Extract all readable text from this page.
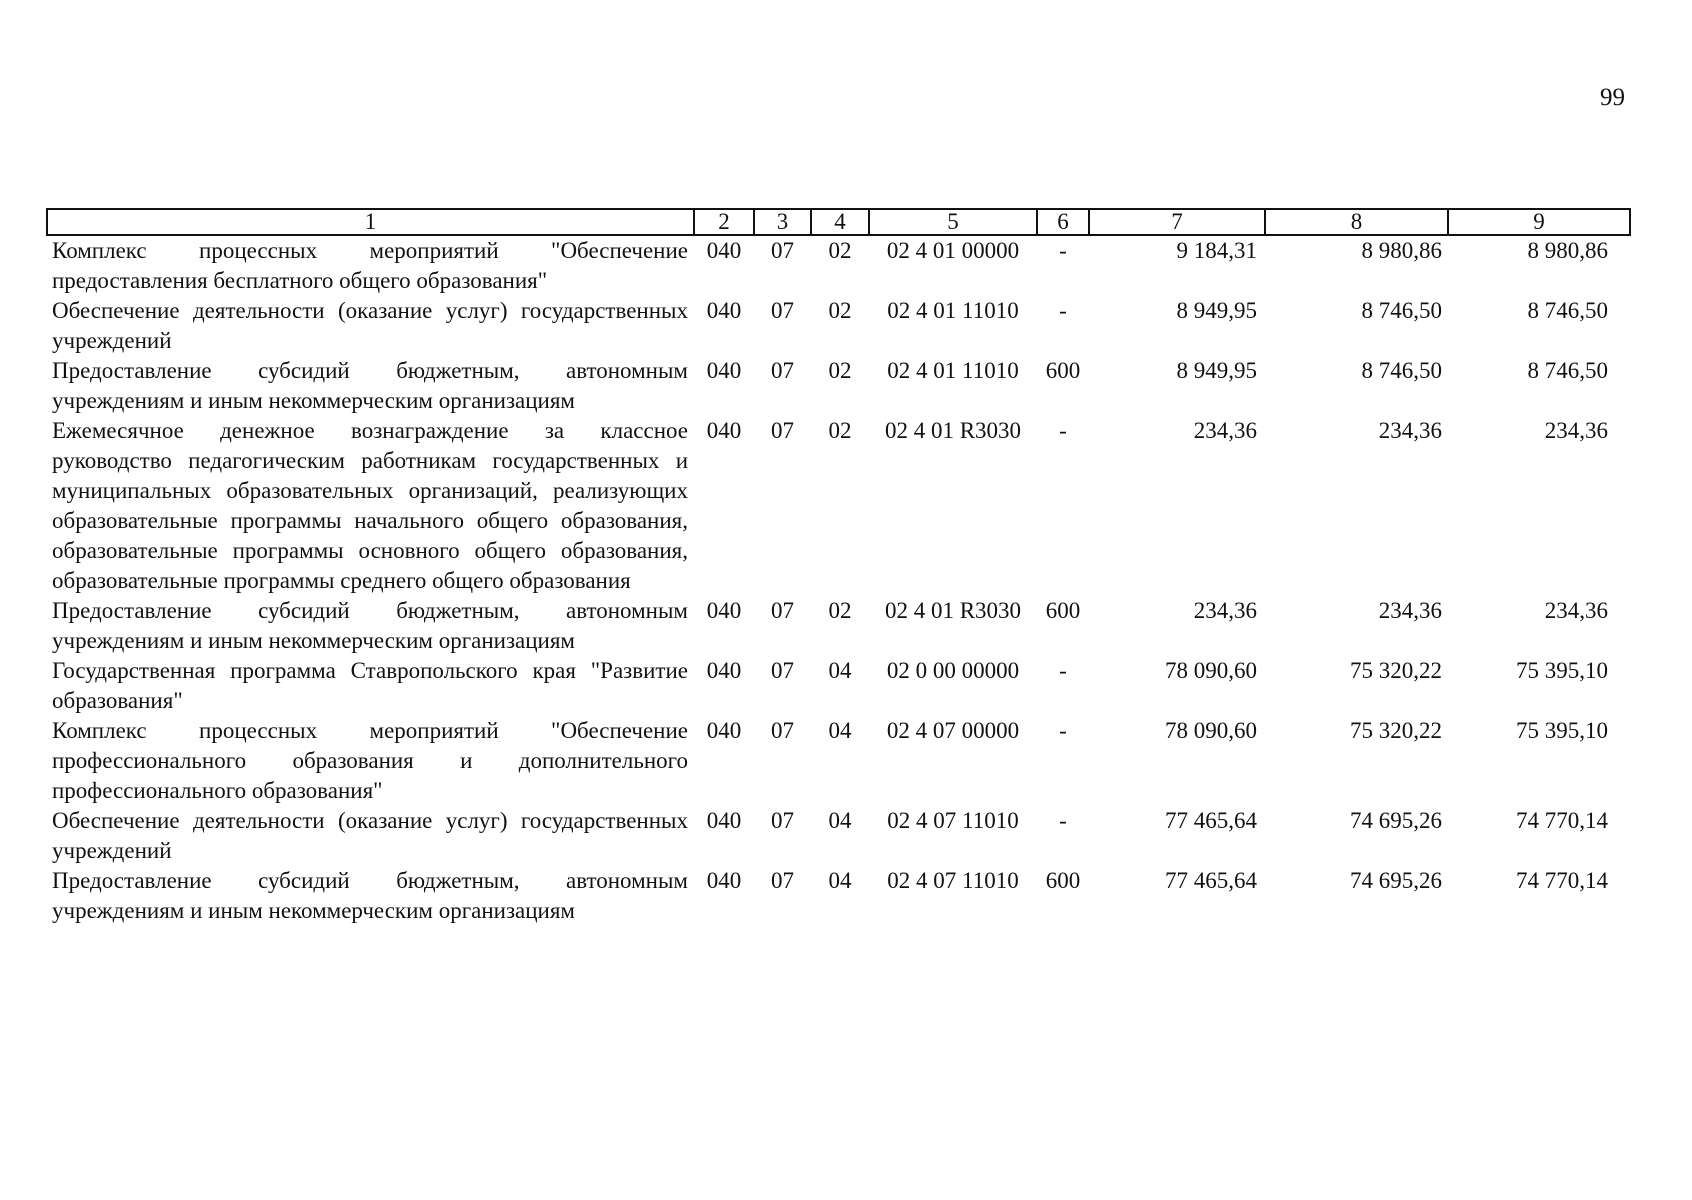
99
1	2	3	4	5	6	7	8	9

Комплекс процессных мероприятий "Обеспечение предоставления бесплатного общего образования"	040	07	02	02 4 01 00000	-	9 184,31	8 980,86	8 980,86

Обеспечение деятельности (оказание услуг) государственных учреждений	040	07	02	02 4 01 11010	-	8 949,95	8 746,50	8 746,50

Предоставление субсидий бюджетным, автономным учреждениям и иным некоммерческим организациям	040	07	02	02 4 01 11010	600	8 949,95	8 746,50	8 746,50

Ежемесячное денежное вознаграждение за классное руководство педагогическим работникам государственных и муниципальных образовательных организаций, реализующих образовательные программы начального общего образования, образовательные программы основного общего образования, образовательные программы среднего общего образования	040	07	02	02 4 01 R3030	-	234,36	234,36	234,36

Предоставление субсидий бюджетным, автономным учреждениям и иным некоммерческим организациям	040	07	02	02 4 01 R3030	600	234,36	234,36	234,36

Государственная программа Ставропольского края "Развитие образования"	040	07	04	02 0 00 00000	-	78 090,60	75 320,22	75 395,10

Комплекс процессных мероприятий "Обеспечение профессионального образования и дополнительного профессионального образования"	040	07	04	02 4 07 00000	-	78 090,60	75 320,22	75 395,10

Обеспечение деятельности (оказание услуг) государственных учреждений	040	07	04	02 4 07 11010	-	77 465,64	74 695,26	74 770,14

Предоставление субсидий бюджетным, автономным учреждениям и иным некоммерческим организациям	040	07	04	02 4 07 11010	600	77 465,64	74 695,26	74 770,14
